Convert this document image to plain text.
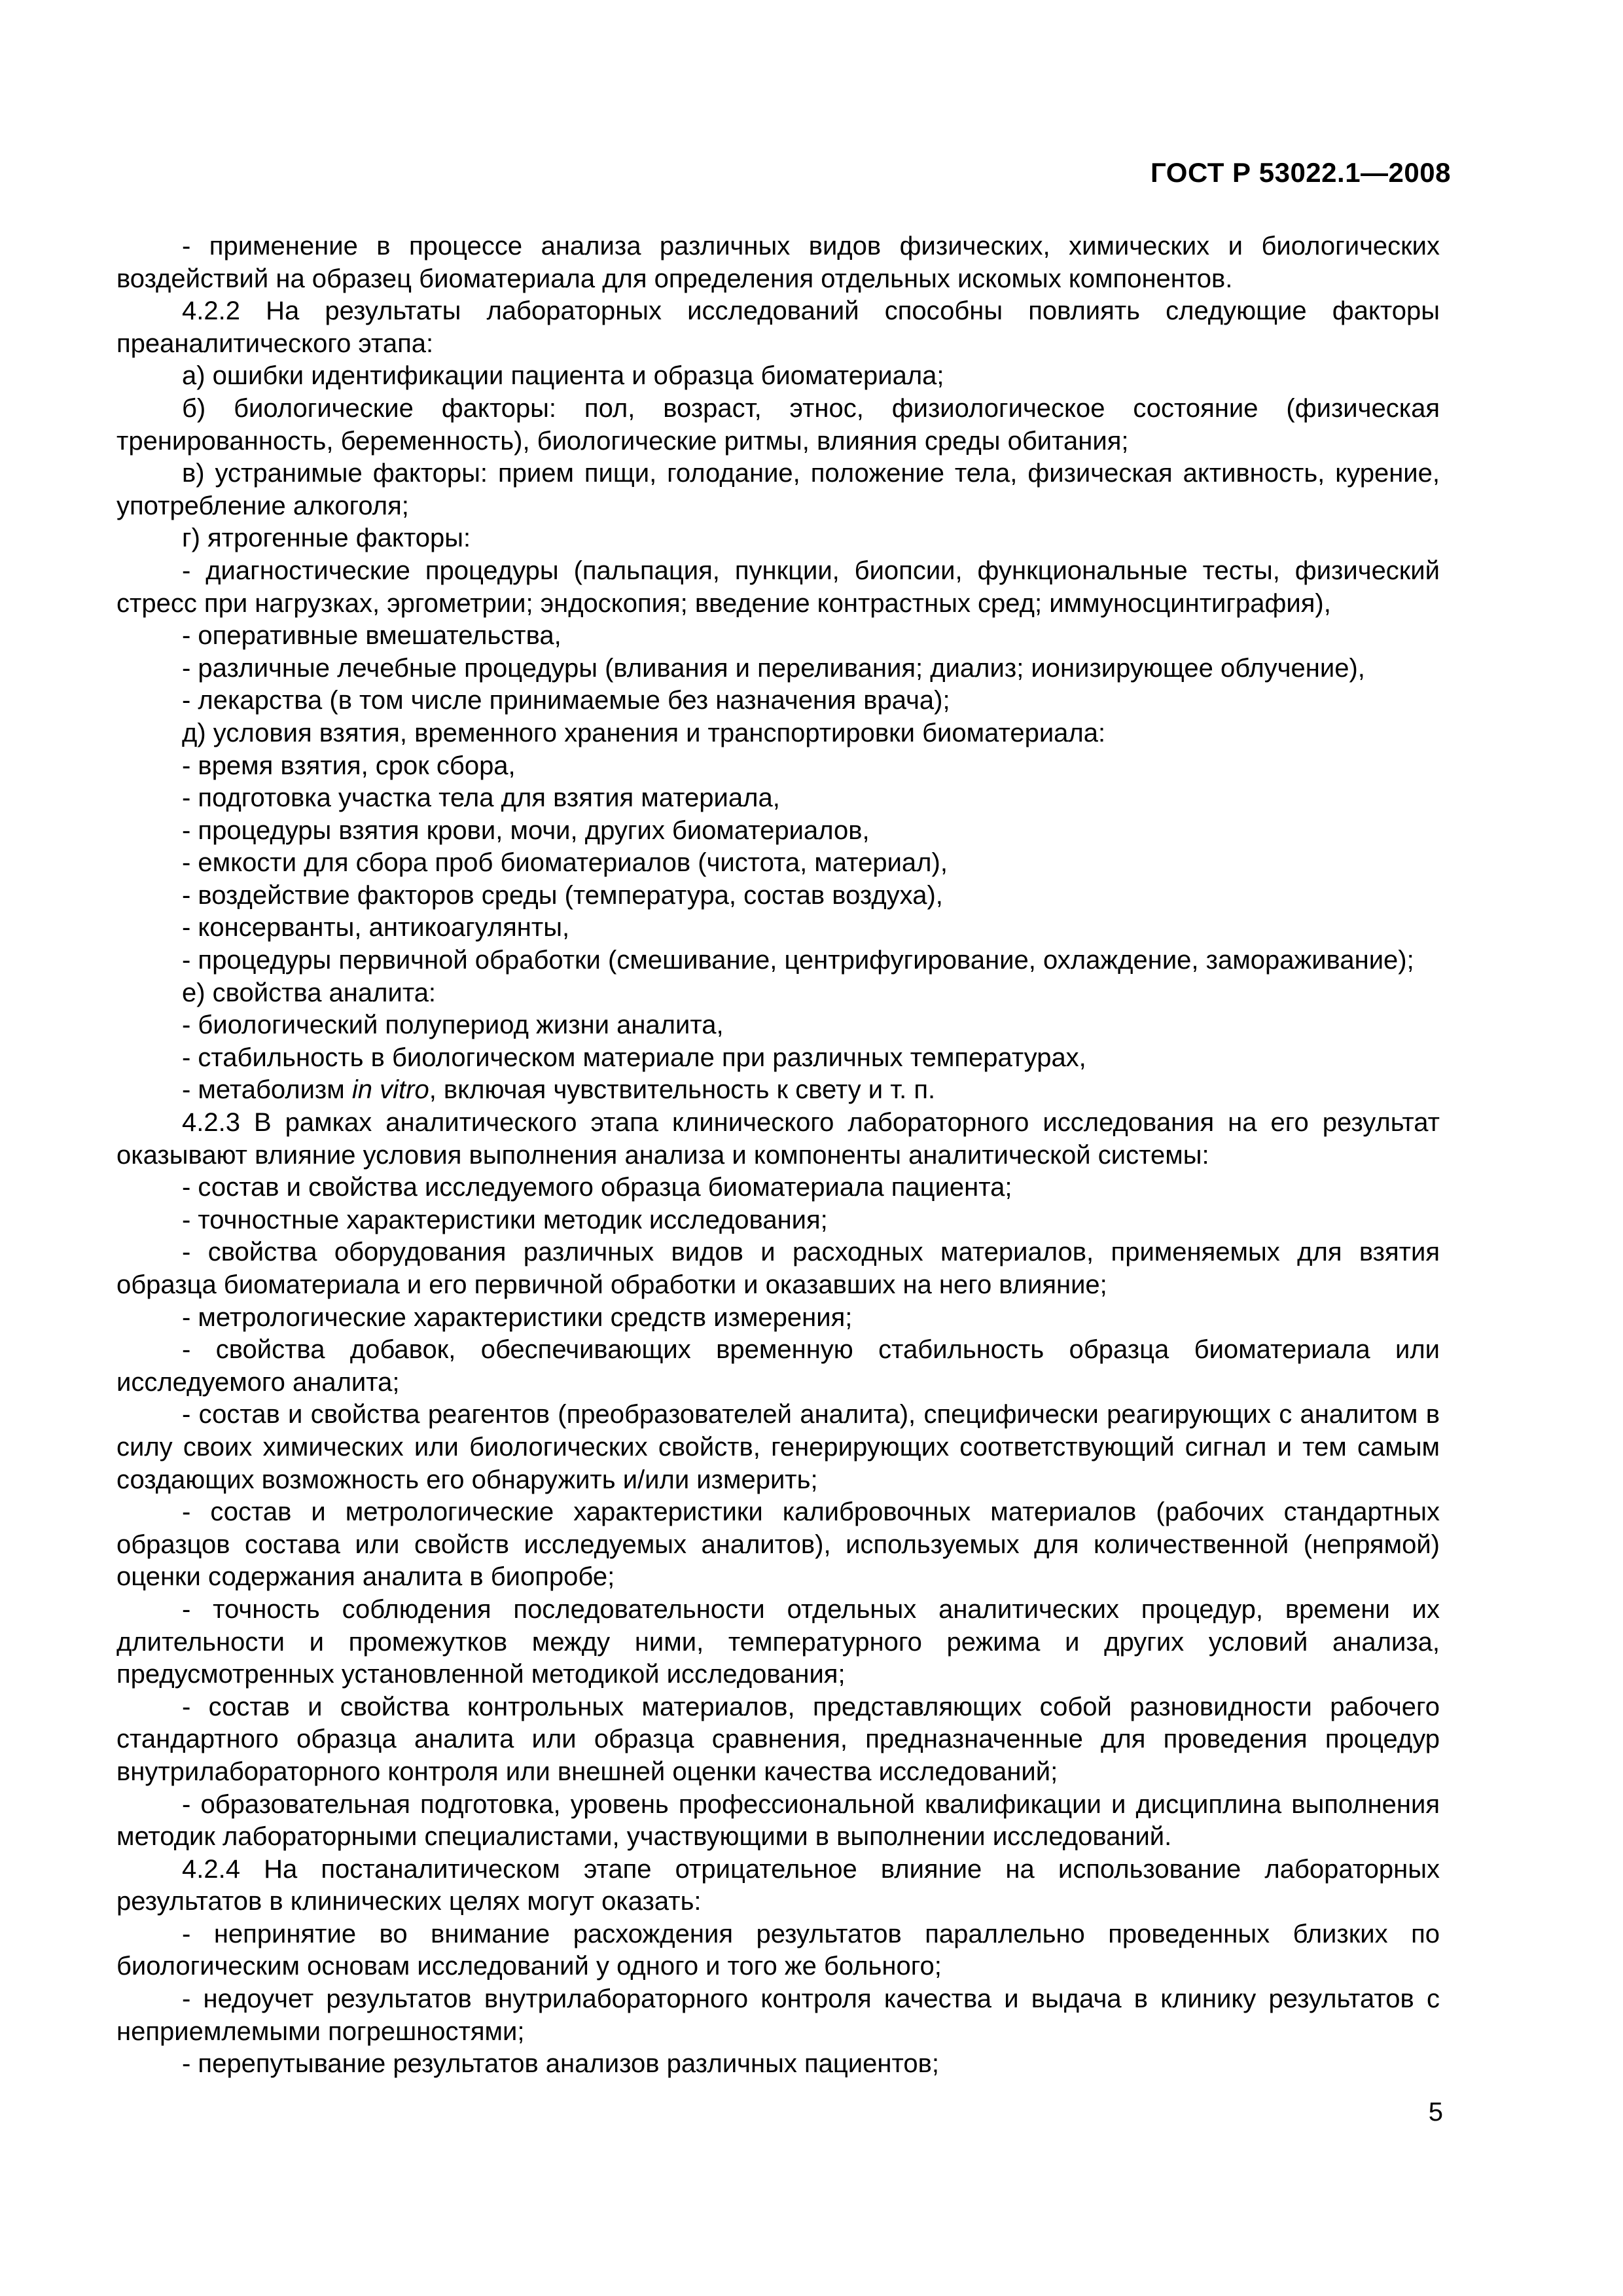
ГОСТ Р 53022.1—2008

- применение в процессе анализа различных видов физических, химических и биологических воздействий на образец биоматериала для определения отдельных искомых компонентов.

4.2.2 На результаты лабораторных исследований способны повлиять следующие факторы преаналитического этапа:

а) ошибки идентификации пациента и образца биоматериала;

б) биологические факторы: пол, возраст, этнос, физиологическое состояние (физическая тренированность, беременность), биологические ритмы, влияния среды обитания;

в) устранимые факторы: прием пищи, голодание, положение тела, физическая активность, курение, употребление алкоголя;

г) ятрогенные факторы:

- диагностические процедуры (пальпация, пункции, биопсии, функциональные тесты, физический стресс при нагрузках, эргометрии; эндоскопия; введение контрастных сред; иммуносцинтиграфия),

- оперативные вмешательства,

- различные лечебные процедуры (вливания и переливания; диализ; ионизирующее облучение),

- лекарства (в том числе принимаемые без назначения врача);

д) условия взятия, временного хранения и транспортировки биоматериала:

- время взятия, срок сбора,

- подготовка участка тела для взятия материала,

- процедуры взятия крови, мочи, других биоматериалов,

- емкости для сбора проб биоматериалов (чистота, материал),

- воздействие факторов среды (температура, состав воздуха),

- консерванты, антикоагулянты,

- процедуры первичной обработки (смешивание, центрифугирование, охлаждение, замораживание);

е) свойства аналита:

- биологический полупериод жизни аналита,

- стабильность в биологическом материале при различных температурах,

- метаболизм in vitro, включая чувствительность к свету и т. п.

4.2.3 В рамках аналитического этапа клинического лабораторного исследования на его результат оказывают влияние условия выполнения анализа и компоненты аналитической системы:

- состав и свойства исследуемого образца биоматериала пациента;

- точностные характеристики методик исследования;

- свойства оборудования различных видов и расходных материалов, применяемых для взятия образца биоматериала и его первичной обработки и оказавших на него влияние;

- метрологические характеристики средств измерения;

- свойства добавок, обеспечивающих временную стабильность образца биоматериала или исследуемого аналита;

- состав и свойства реагентов (преобразователей аналита), специфически реагирующих с аналитом в силу своих химических или биологических свойств, генерирующих соответствующий сигнал и тем самым создающих возможность его обнаружить и/или измерить;

- состав и метрологические характеристики калибровочных материалов (рабочих стандартных образцов состава или свойств исследуемых аналитов), используемых для количественной (непрямой) оценки содержания аналита в биопробе;

- точность соблюдения последовательности отдельных аналитических процедур, времени их длительности и промежутков между ними, температурного режима и других условий анализа, предусмотренных установленной методикой исследования;

- состав и свойства контрольных материалов, представляющих собой разновидности рабочего стандартного образца аналита или образца сравнения, предназначенные для проведения процедур внутрилабораторного контроля или внешней оценки качества исследований;

- образовательная подготовка, уровень профессиональной квалификации и дисциплина выполнения методик лабораторными специалистами, участвующими в выполнении исследований.

4.2.4 На постаналитическом этапе отрицательное влияние на использование лабораторных результатов в клинических целях могут оказать:

- непринятие во внимание расхождения результатов параллельно проведенных близких по биологическим основам исследований у одного и того же больного;

- недоучет результатов внутрилабораторного контроля качества и выдача в клинику результатов с неприемлемыми погрешностями;

- перепутывание результатов анализов различных пациентов;

5
